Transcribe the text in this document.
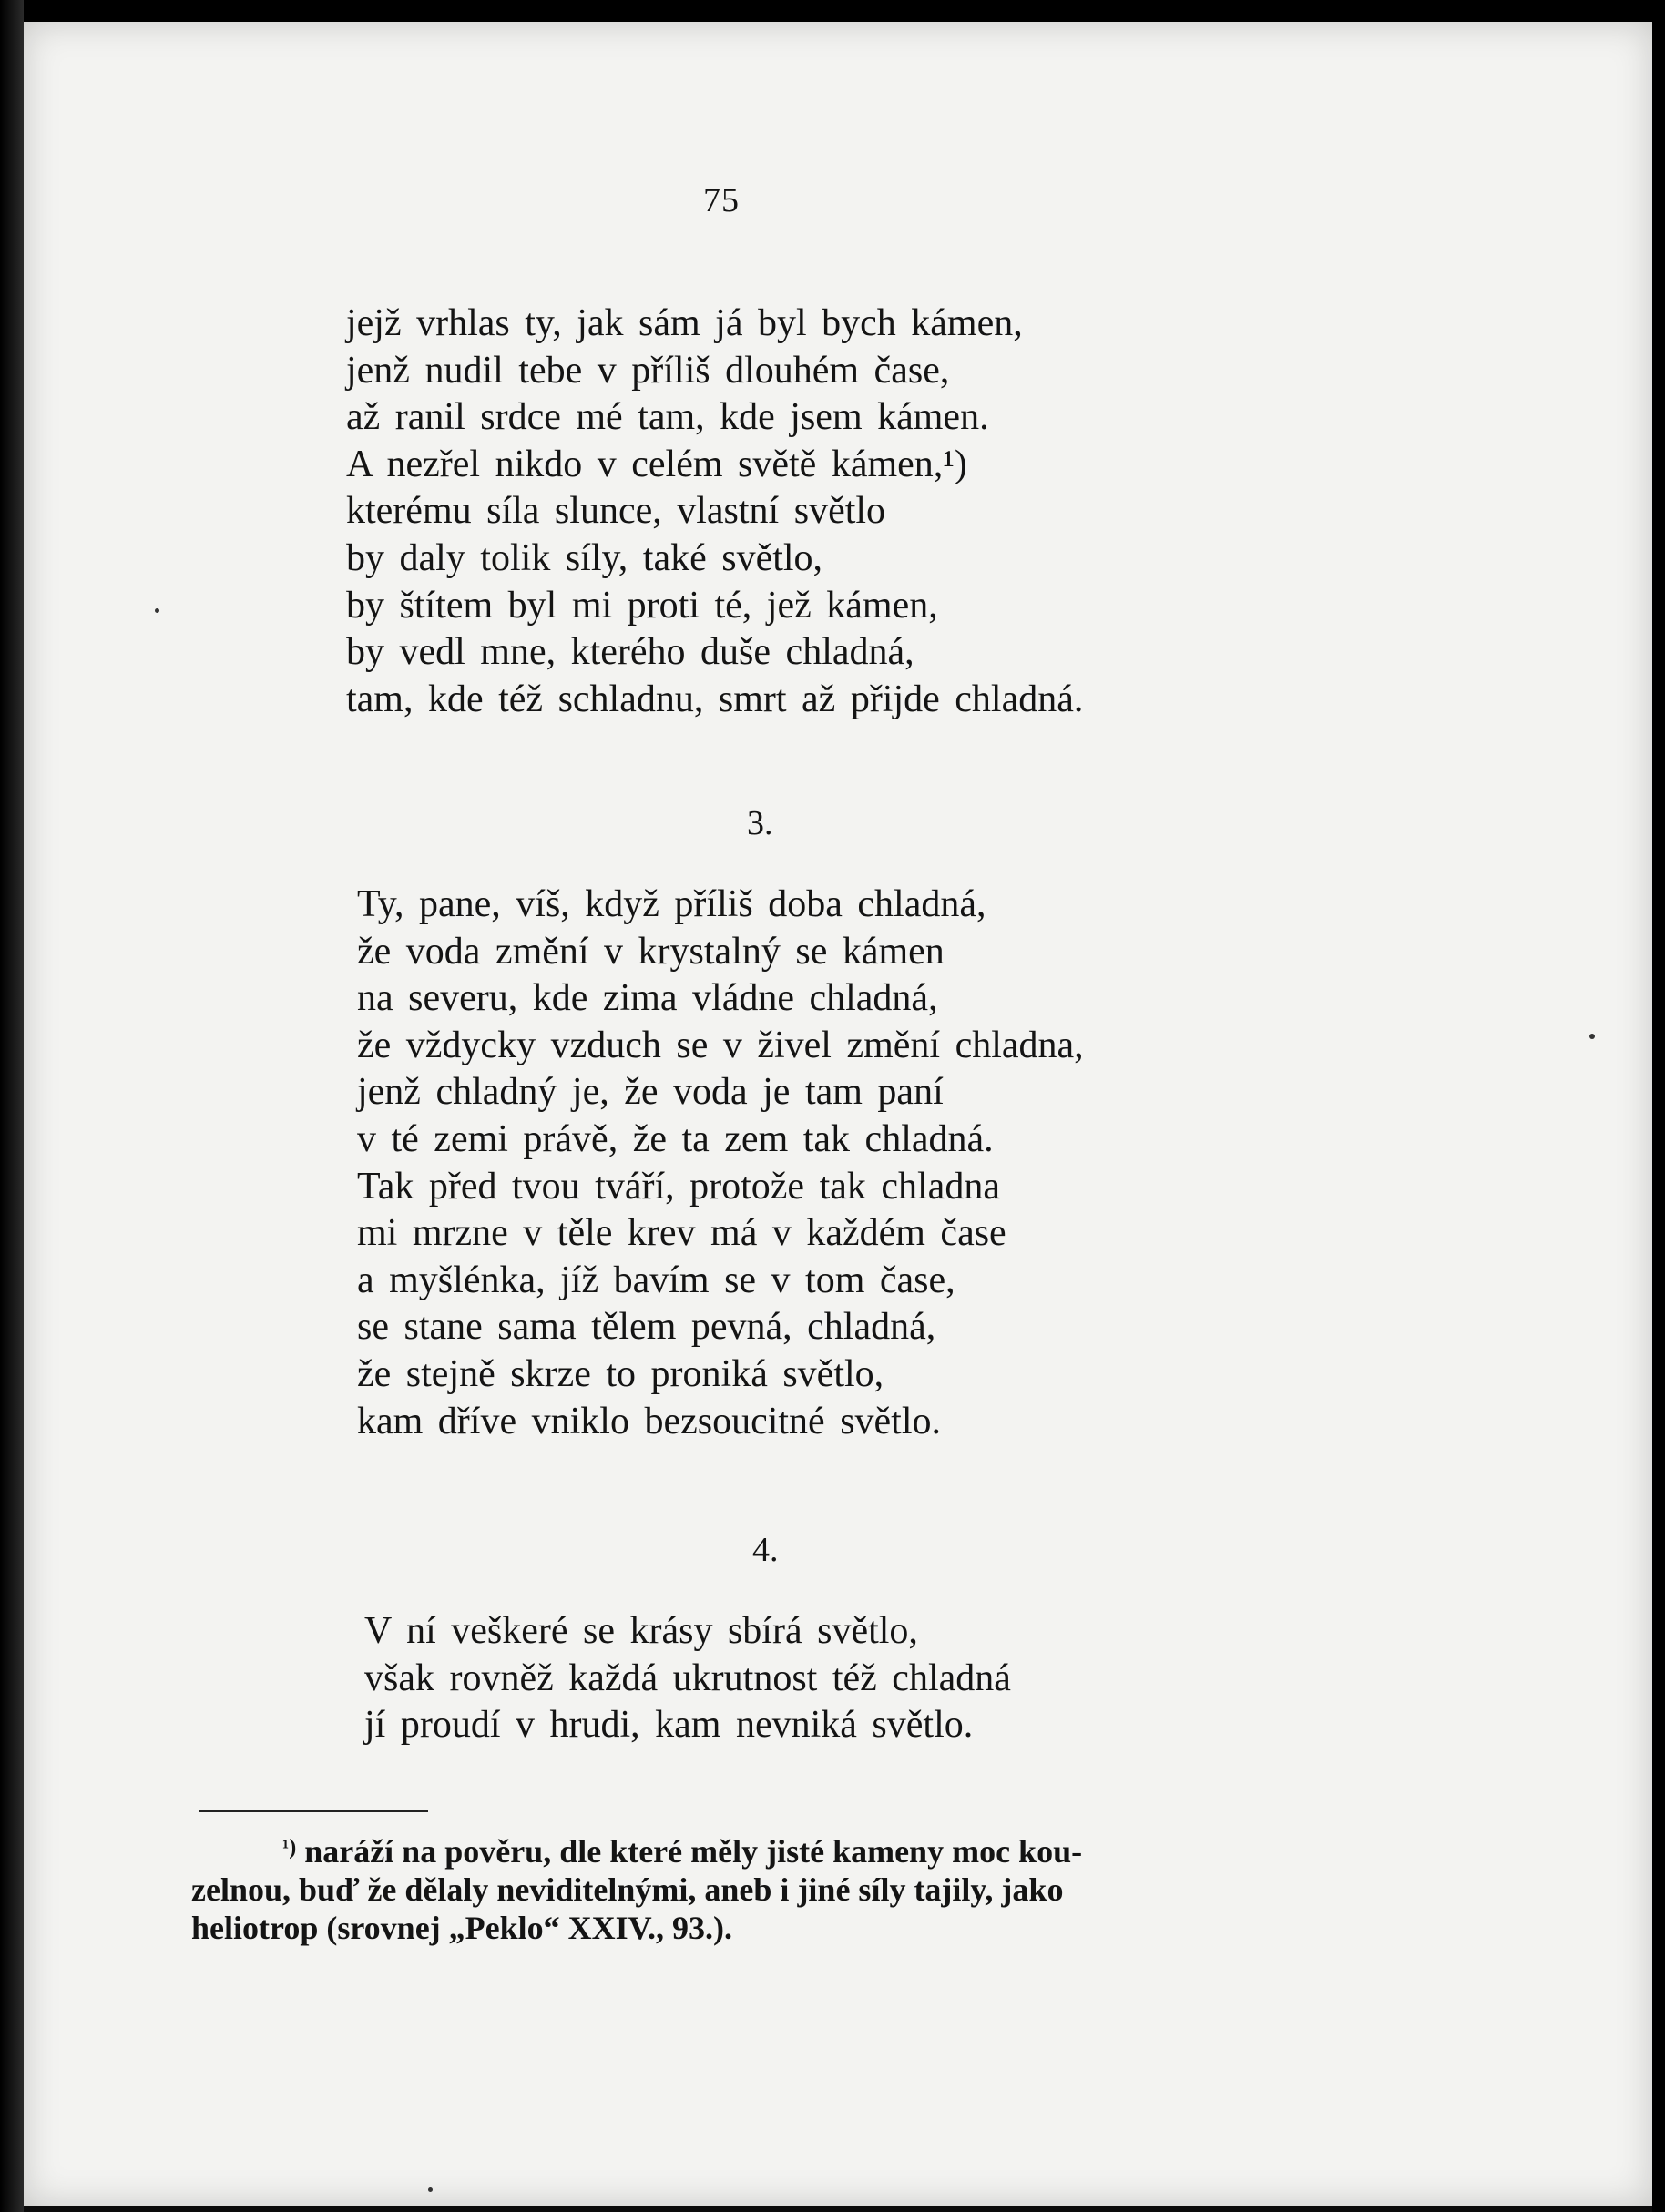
75
jejž vrhlas ty, jak sám já byl bych kámen,
jenž nudil tebe v příliš dlouhém čase,
až ranil srdce mé tam, kde jsem kámen.
A nezřel nikdo v celém světě kámen,¹)
kterému síla slunce, vlastní světlo
by daly tolik síly, také světlo,
by štítem byl mi proti té, jež kámen,
by vedl mne, kterého duše chladná,
tam, kde též schladnu, smrt až přijde chladná.
3.
Ty, pane, víš, když příliš doba chladná,
že voda změní v krystalný se kámen
na severu, kde zima vládne chladná,
že vždycky vzduch se v živel změní chladna,
jenž chladný je, že voda je tam paní
v té zemi právě, že ta zem tak chladná.
Tak před tvou tváří, protože tak chladna
mi mrzne v těle krev má v každém čase
a myšlénka, jíž bavím se v tom čase,
se stane sama tělem pevná, chladná,
že stejně skrze to proniká světlo,
kam dříve vniklo bezsoucitné světlo.
4.
V ní veškeré se krásy sbírá světlo,
však rovněž každá ukrutnost též chladná
jí proudí v hrudi, kam nevniká světlo.
$^{^1)}$ naráží na pověru, dle které měly jisté kameny moc kou-
zelnou, buď že dělaly neviditelnými, aneb i jiné síly tajily, jako
heliotrop (srovnej „Peklo“ XXIV., 93.).
